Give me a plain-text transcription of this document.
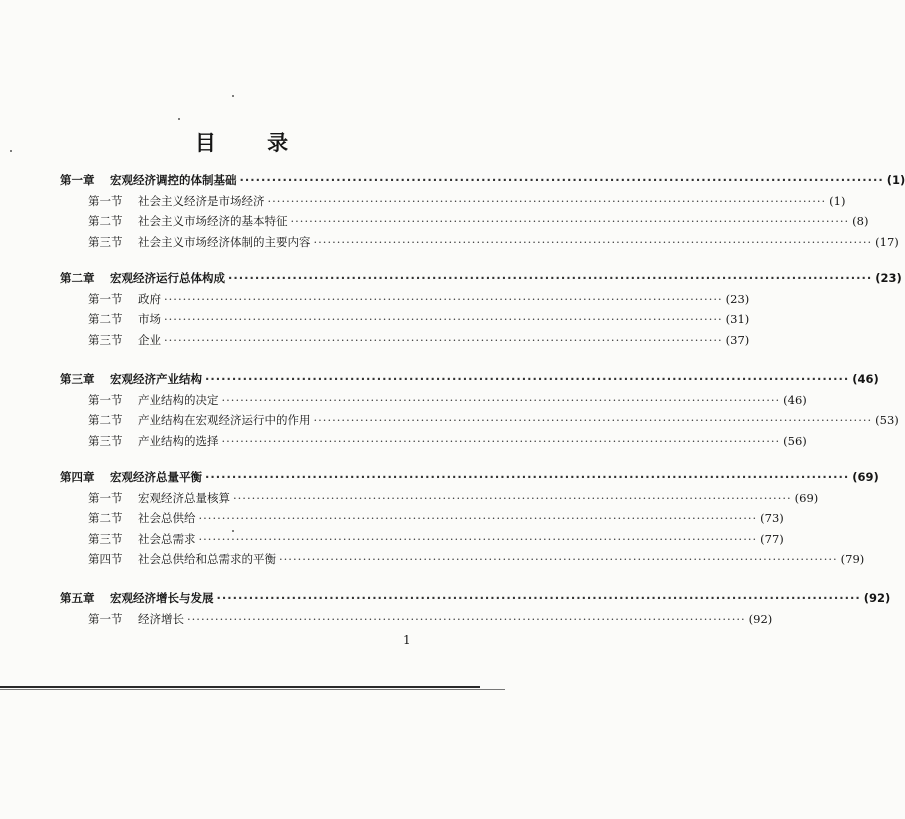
目 录
第一章 宏观经济调控的体制基础 ························································································································ (1)
第一节 社会主义经济是市场经济 ························································································································ (1)
第二节 社会主义市场经济的基本特征 ························································································································ (8)
第三节 社会主义市场经济体制的主要内容 ························································································································ (17)
第二章 宏观经济运行总体构成 ························································································································ (23)
第一节 政府 ························································································································ (23)
第二节 市场 ························································································································ (31)
第三节 企业 ························································································································ (37)
第三章 宏观经济产业结构 ························································································································ (46)
第一节 产业结构的决定 ························································································································ (46)
第二节 产业结构在宏观经济运行中的作用 ························································································································ (53)
第三节 产业结构的选择 ························································································································ (56)
第四章 宏观经济总量平衡 ························································································································ (69)
第一节 宏观经济总量核算 ························································································································ (69)
第二节 社会总供给 ························································································································ (73)
第三节 社会总需求 ························································································································ (77)
第四节 社会总供给和总需求的平衡 ························································································································ (79)
第五章 宏观经济增长与发展 ························································································································ (92)
第一节 经济增长 ························································································································ (92)
1
